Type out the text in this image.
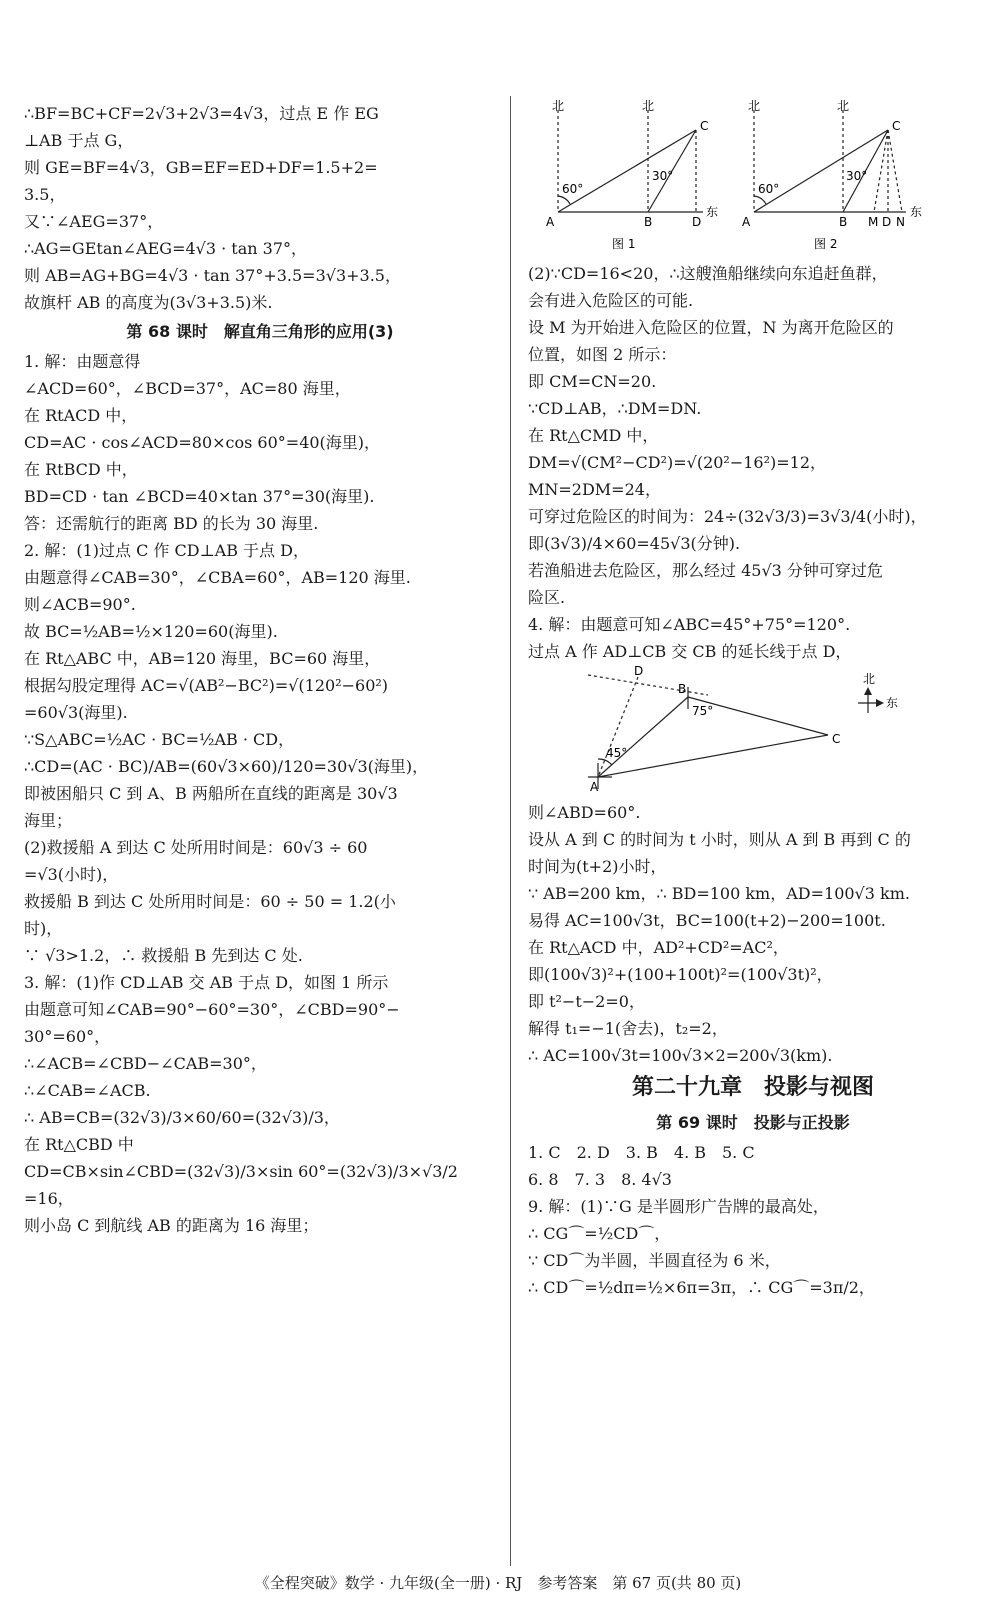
∴BF=BC+CF=2√3+2√3=4√3，过点 E 作 EG
⊥AB 于点 G，
则 GE=BF=4√3，GB=EF=ED+DF=1.5+2=
3.5，
又∵∠AEG=37°，
∴AG=GEtan∠AEG=4√3 · tan 37°，
则 AB=AG+BG=4√3 · tan 37°+3.5=3√3+3.5，
故旗杆 AB 的高度为(3√3+3.5)米.
第 68 课时　解直角三角形的应用(3)
1. 解：由题意得
∠ACD=60°，∠BCD=37°，AC=80 海里，
在 RtACD 中，
CD=AC · cos∠ACD=80×cos 60°=40(海里)，
在 RtBCD 中，
BD=CD · tan ∠BCD=40×tan 37°=30(海里).
答：还需航行的距离 BD 的长为 30 海里.
2. 解：(1)过点 C 作 CD⊥AB 于点 D，
由题意得∠CAB=30°，∠CBA=60°，AB=120 海里.
则∠ACB=90°.
故 BC=½AB=½×120=60(海里).
在 Rt△ABC 中，AB=120 海里，BC=60 海里，
根据勾股定理得 AC=√(AB²−BC²)=√(120²−60²)
=60√3(海里).
∵S△ABC=½AC · BC=½AB · CD，
∴CD=(AC · BC)/AB=(60√3×60)/120=30√3(海里)，
即被困船只 C 到 A、B 两船所在直线的距离是 30√3
海里；
(2)救援船 A 到达 C 处所用时间是：60√3 ÷ 60
=√3(小时)，
救援船 B 到达 C 处所用时间是：60 ÷ 50 = 1.2(小
时)，
∵ √3>1.2，∴ 救援船 B 先到达 C 处.
3. 解：(1)作 CD⊥AB 交 AB 于点 D，如图 1 所示
由题意可知∠CAB=90°−60°=30°，∠CBD=90°−
30°=60°，
∴∠ACB=∠CBD−∠CAB=30°，
∴∠CAB=∠ACB.
∴ AB=CB=(32√3)/3×60/60=(32√3)/3，
在 Rt△CBD 中
CD=CB×sin∠CBD=(32√3)/3×sin 60°=(32√3)/3×√3/2
=16，
则小岛 C 到航线 AB 的距离为 16 海里；
北	北
60°
30°
A	B	D
C
东
图 1
北	北
60°
30°
A	B M D N
C
东
图 2
(2)∵CD=16<20，∴这艘渔船继续向东追赶鱼群，
会有进入危险区的可能.
设 M 为开始进入危险区的位置，N 为离开危险区的
位置，如图 2 所示：
即 CM=CN=20.
∵CD⊥AB，∴DM=DN.
在 Rt△CMD 中，
DM=√(CM²−CD²)=√(20²−16²)=12，
MN=2DM=24，
可穿过危险区的时间为：24÷(32√3/3)=3√3/4(小时)，
即(3√3)/4×60=45√3(分钟).
若渔船进去危险区，那么经过 45√3 分钟可穿过危
险区.
4. 解：由题意可知∠ABC=45°+75°=120°.
过点 A 作 AD⊥CB 交 CB 的延长线于点 D，
北
东
D
B
C
A
75°
45°
则∠ABD=60°.
设从 A 到 C 的时间为 t 小时，则从 A 到 B 再到 C 的
时间为(t+2)小时，
∵ AB=200 km，∴ BD=100 km，AD=100√3 km.
易得 AC=100√3t，BC=100(t+2)−200=100t.
在 Rt△ACD 中，AD²+CD²=AC²，
即(100√3)²+(100+100t)²=(100√3t)²，
即 t²−t−2=0，
解得 t₁=−1(舍去)，t₂=2，
∴ AC=100√3t=100√3×2=200√3(km).
第二十九章　投影与视图
第 69 课时　投影与正投影
1. C　2. D　3. B　4. B　5. C
6. 8　7. 3　8. 4√3
9. 解：(1)∵G 是半圆形广告牌的最高处，
∴ CG⌒=½CD⌒，
∵ CD⌒为半圆，半圆直径为 6 米，
∴ CD⌒=½dπ=½×6π=3π，∴ CG⌒=3π/2，
《全程突破》数学 · 九年级(全一册) · RJ　参考答案　第 67 页(共 80 页)
